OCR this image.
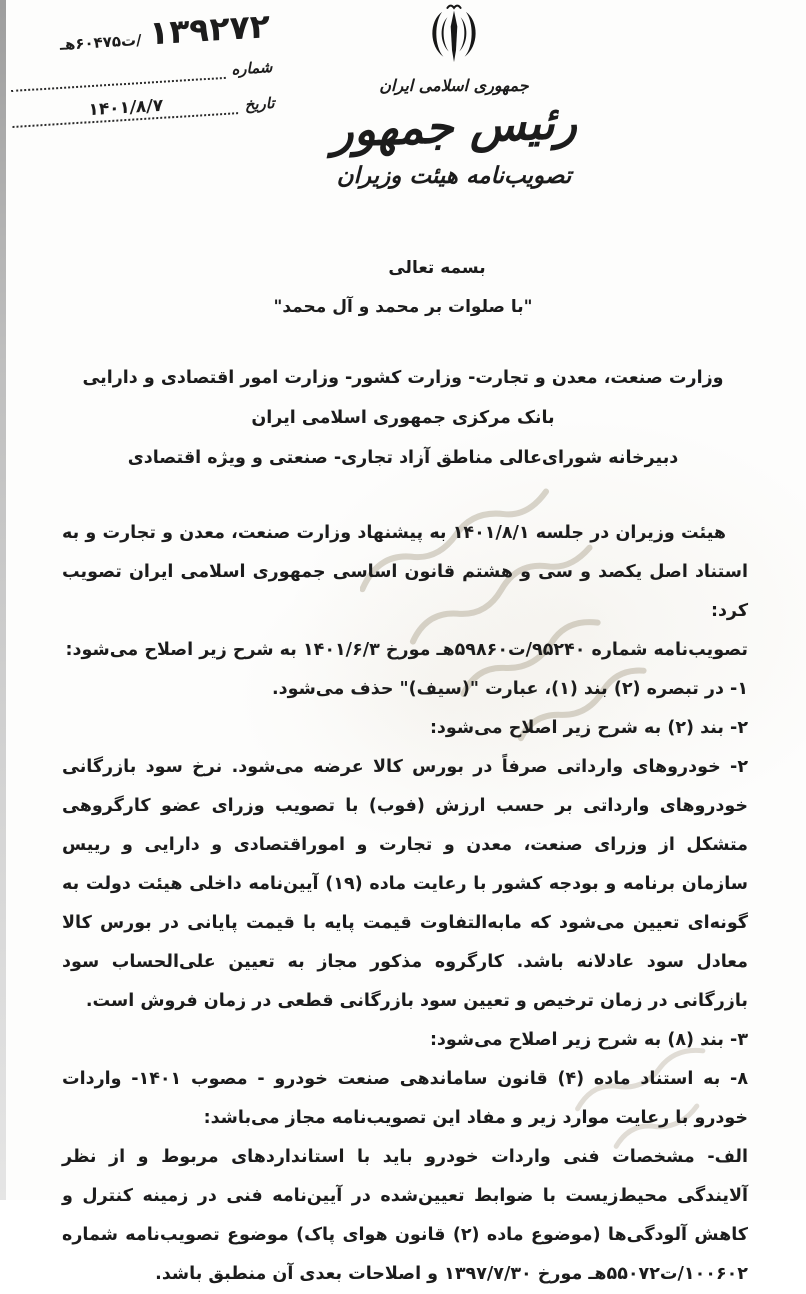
۱۳۹۲۷۲
/ت۶۰۴۷۵هـ
شماره
تاریخ
۱۴۰۱/۸/۷
جمهوری اسلامی ایران
رئیس جمهور
تصویب‌نامه هیئت وزیران
بسمه تعالی
"با صلوات بر محمد و آل محمد"
وزارت صنعت، معدن و تجارت- وزارت کشور- وزارت امور اقتصادی و دارایی
بانک مرکزی جمهوری اسلامی ایران
دبیرخانه شورای‌عالی مناطق آزاد تجاری- صنعتی و ویژه اقتصادی

هیئت وزیران در جلسه ۱۴۰۱/۸/۱ به پیشنهاد وزارت صنعت، معدن و تجارت و به استناد اصل یکصد و سی و هشتم قانون اساسی جمهوری اسلامی ایران تصویب کرد:

تصویب‌نامه شماره ۹۵۲۴۰/ت۵۹۸۶۰هـ مورخ ۱۴۰۱/۶/۳ به شرح زیر اصلاح می‌شود:

۱- در تبصره (۲) بند (۱)، عبارت "(سیف)" حذف می‌شود.

۲- بند (۲) به شرح زیر اصلاح می‌شود:

۲- خودروهای وارداتی صرفاً در بورس کالا عرضه می‌شود. نرخ سود بازرگانی خودروهای وارداتی بر حسب ارزش (فوب) با تصویب وزرای عضو کارگروهی متشکل از وزرای صنعت، معدن و تجارت و اموراقتصادی و دارایی و رییس سازمان برنامه و بودجه کشور با رعایت ماده (۱۹) آیین‌نامه داخلی هیئت دولت به گونه‌ای تعیین می‌شود که مابه‌التفاوت قیمت پایه با قیمت پایانی در بورس کالا معادل سود عادلانه باشد. کارگروه مذکور مجاز به تعیین علی‌الحساب سود بازرگانی در زمان ترخیص و تعیین سود بازرگانی قطعی در زمان فروش است.

۳- بند (۸) به شرح زیر اصلاح می‌شود:

۸- به استناد ماده (۴) قانون ساماندهی صنعت خودرو - مصوب ۱۴۰۱- واردات خودرو با رعایت موارد زیر و مفاد این تصویب‌نامه مجاز می‌باشد:

الف- مشخصات فنی واردات خودرو باید با استانداردهای مربوط و از نظر آلایندگی محیط‌زیست با ضوابط تعیین‌شده در آیین‌نامه فنی در زمینه کنترل و کاهش آلودگی‌ها (موضوع ماده (۲) قانون هوای پاک) موضوع تصویب‌نامه شماره ۱۰۰۶۰۲/ت۵۵۰۷۲هـ مورخ ۱۳۹۷/۷/۳۰ و اصلاحات بعدی آن منطبق باشد.
